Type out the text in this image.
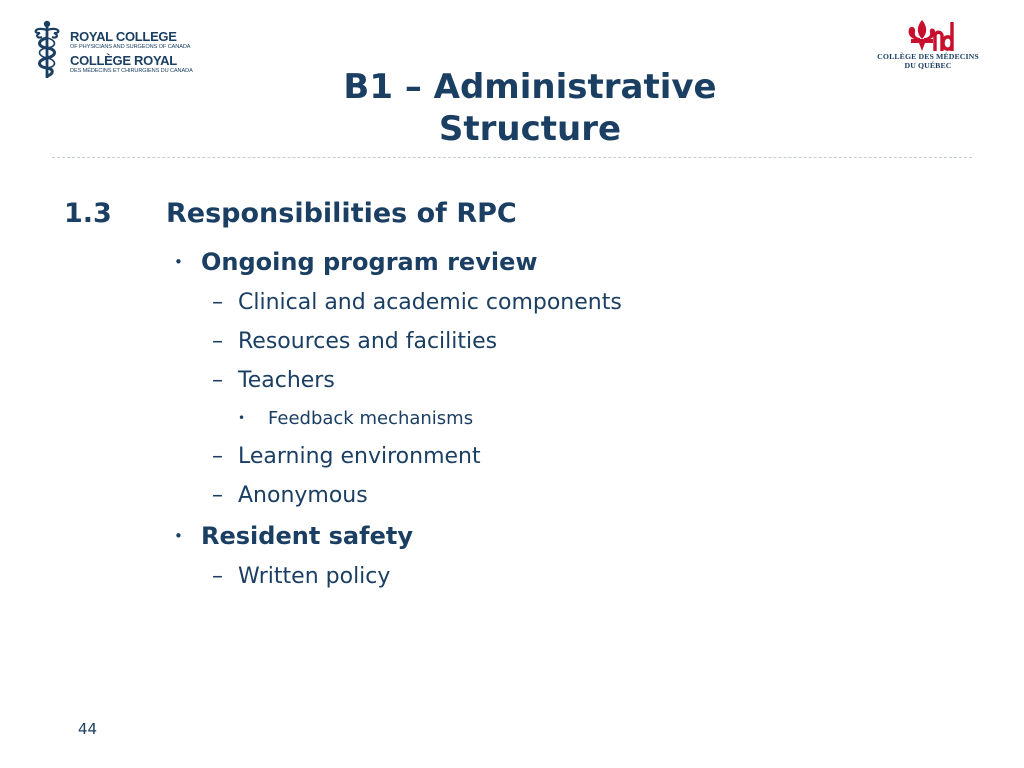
ROYAL COLLEGE
OF PHYSICIANS AND SURGEONS OF CANADA
COLLÈGE ROYAL
DES MÉDECINS ET CHIRURGIENS DU CANADA
COLLÈGE DES MÉDECINS
DU QUÉBEC
B1 – Administrative
Structure
1.3 Responsibilities of RPC
• Ongoing program review
– Clinical and academic components
– Resources and facilities
– Teachers
• Feedback mechanisms
– Learning environment
– Anonymous
• Resident safety
– Written policy
44
